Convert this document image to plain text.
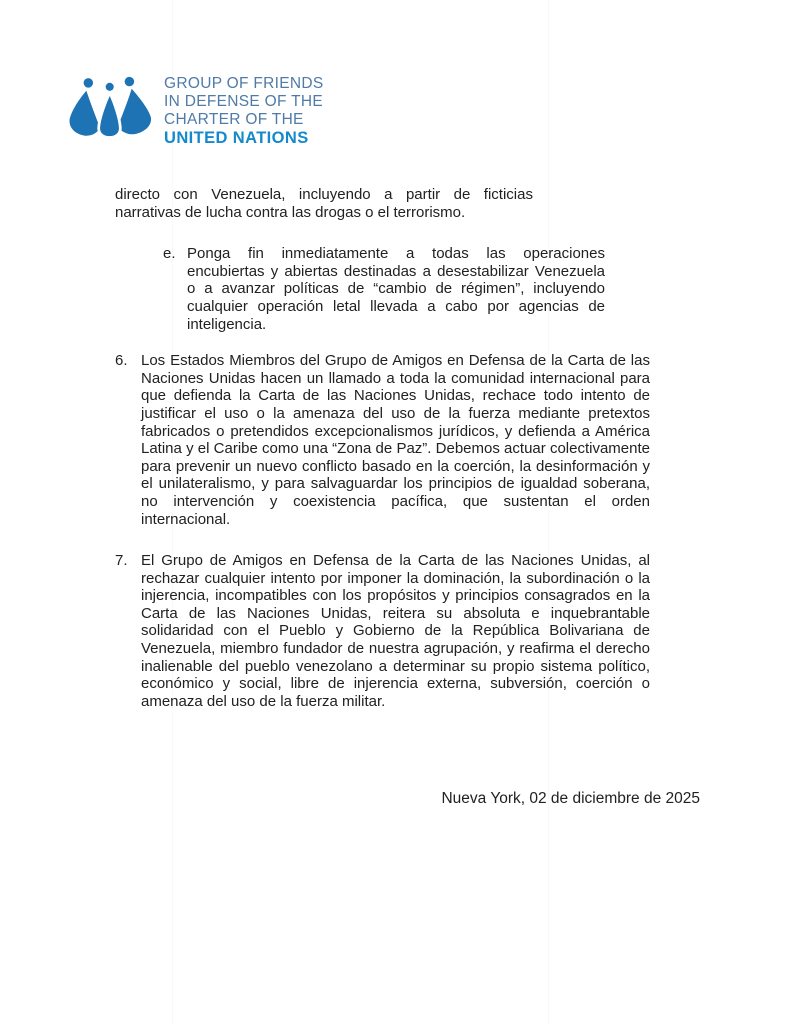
GROUP OF FRIENDS
IN DEFENSE OF THE
CHARTER OF THE
UNITED NATIONS

directo con Venezuela, incluyendo a partir de ficticias narrativas de lucha contra las drogas o el terrorismo.

e. Ponga fin inmediatamente a todas las operaciones encubiertas y abiertas destinadas a desestabilizar Venezuela o a avanzar políticas de “cambio de régimen”, incluyendo cualquier operación letal llevada a cabo por agencias de inteligencia.

6. Los Estados Miembros del Grupo de Amigos en Defensa de la Carta de las Naciones Unidas hacen un llamado a toda la comunidad internacional para que defienda la Carta de las Naciones Unidas, rechace todo intento de justificar el uso o la amenaza del uso de la fuerza mediante pretextos fabricados o pretendidos excepcionalismos jurídicos, y defienda a América Latina y el Caribe como una “Zona de Paz”. Debemos actuar colectivamente para prevenir un nuevo conflicto basado en la coerción, la desinformación y el unilateralismo, y para salvaguardar los principios de igualdad soberana, no intervención y coexistencia pacífica, que sustentan el orden internacional.

7. El Grupo de Amigos en Defensa de la Carta de las Naciones Unidas, al rechazar cualquier intento por imponer la dominación, la subordinación o la injerencia, incompatibles con los propósitos y principios consagrados en la Carta de las Naciones Unidas, reitera su absoluta e inquebrantable solidaridad con el Pueblo y Gobierno de la República Bolivariana de Venezuela, miembro fundador de nuestra agrupación, y reafirma el derecho inalienable del pueblo venezolano a determinar su propio sistema político, económico y social, libre de injerencia externa, subversión, coerción o amenaza del uso de la fuerza militar.

Nueva York, 02 de diciembre de 2025
